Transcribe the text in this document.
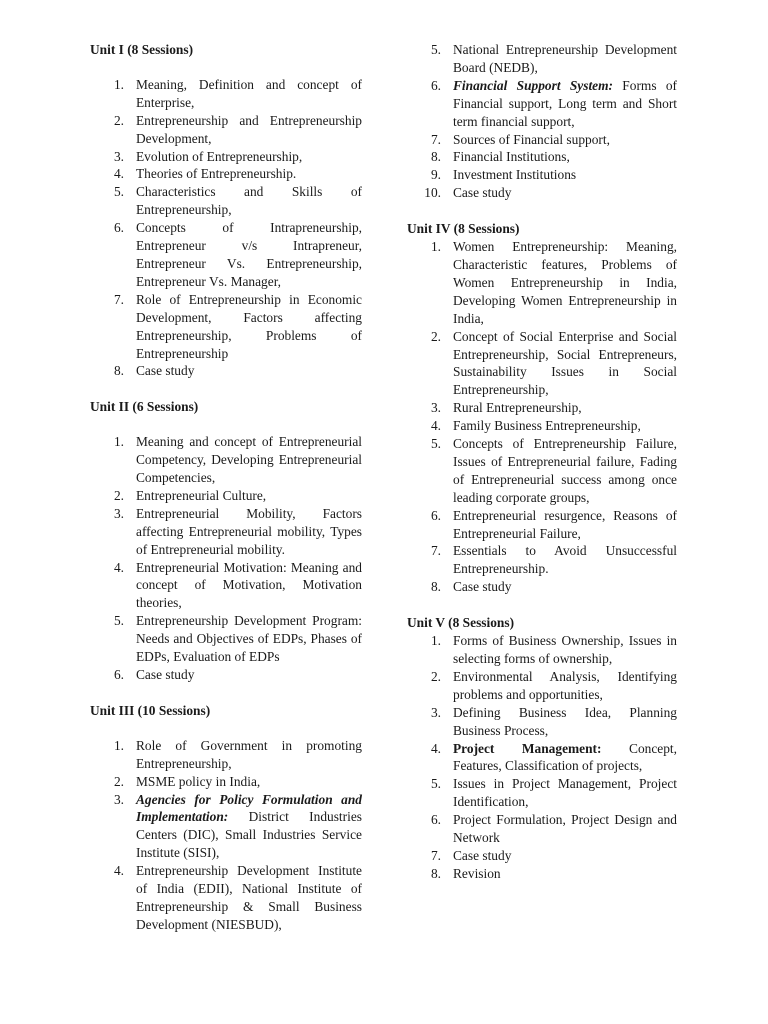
Unit I (8 Sessions)
1. Meaning, Definition and concept of Enterprise,
2. Entrepreneurship and Entrepreneurship Development,
3. Evolution of Entrepreneurship,
4. Theories of Entrepreneurship.
5. Characteristics and Skills of Entrepreneurship,
6. Concepts of Intrapreneurship, Entrepreneur v/s Intrapreneur, Entrepreneur Vs. Entrepreneurship, Entrepreneur Vs. Manager,
7. Role of Entrepreneurship in Economic Development, Factors affecting Entrepreneurship, Problems of Entrepreneurship
8. Case study
Unit II (6 Sessions)
1. Meaning and concept of Entrepreneurial Competency, Developing Entrepreneurial Competencies,
2. Entrepreneurial Culture,
3. Entrepreneurial Mobility, Factors affecting Entrepreneurial mobility, Types of Entrepreneurial mobility.
4. Entrepreneurial Motivation: Meaning and concept of Motivation, Motivation theories,
5. Entrepreneurship Development Program: Needs and Objectives of EDPs, Phases of EDPs, Evaluation of EDPs
6. Case study
Unit III (10 Sessions)
1. Role of Government in promoting Entrepreneurship,
2. MSME policy in India,
3. Agencies for Policy Formulation and Implementation: District Industries Centers (DIC), Small Industries Service Institute (SISI),
4. Entrepreneurship Development Institute of India (EDII), National Institute of Entrepreneurship & Small Business Development (NIESBUD),
5. National Entrepreneurship Development Board (NEDB),
6. Financial Support System: Forms of Financial support, Long term and Short term financial support,
7. Sources of Financial support,
8. Financial Institutions,
9. Investment Institutions
10. Case study
Unit IV (8 Sessions)
1. Women Entrepreneurship: Meaning, Characteristic features, Problems of Women Entrepreneurship in India, Developing Women Entrepreneurship in India,
2. Concept of Social Enterprise and Social Entrepreneurship, Social Entrepreneurs, Sustainability Issues in Social Entrepreneurship,
3. Rural Entrepreneurship,
4. Family Business Entrepreneurship,
5. Concepts of Entrepreneurship Failure, Issues of Entrepreneurial failure, Fading of Entrepreneurial success among once leading corporate groups,
6. Entrepreneurial resurgence, Reasons of Entrepreneurial Failure,
7. Essentials to Avoid Unsuccessful Entrepreneurship.
8. Case study
Unit V (8 Sessions)
1. Forms of Business Ownership, Issues in selecting forms of ownership,
2. Environmental Analysis, Identifying problems and opportunities,
3. Defining Business Idea, Planning Business Process,
4. Project Management: Concept, Features, Classification of projects,
5. Issues in Project Management, Project Identification,
6. Project Formulation, Project Design and Network
7. Case study
8. Revision
